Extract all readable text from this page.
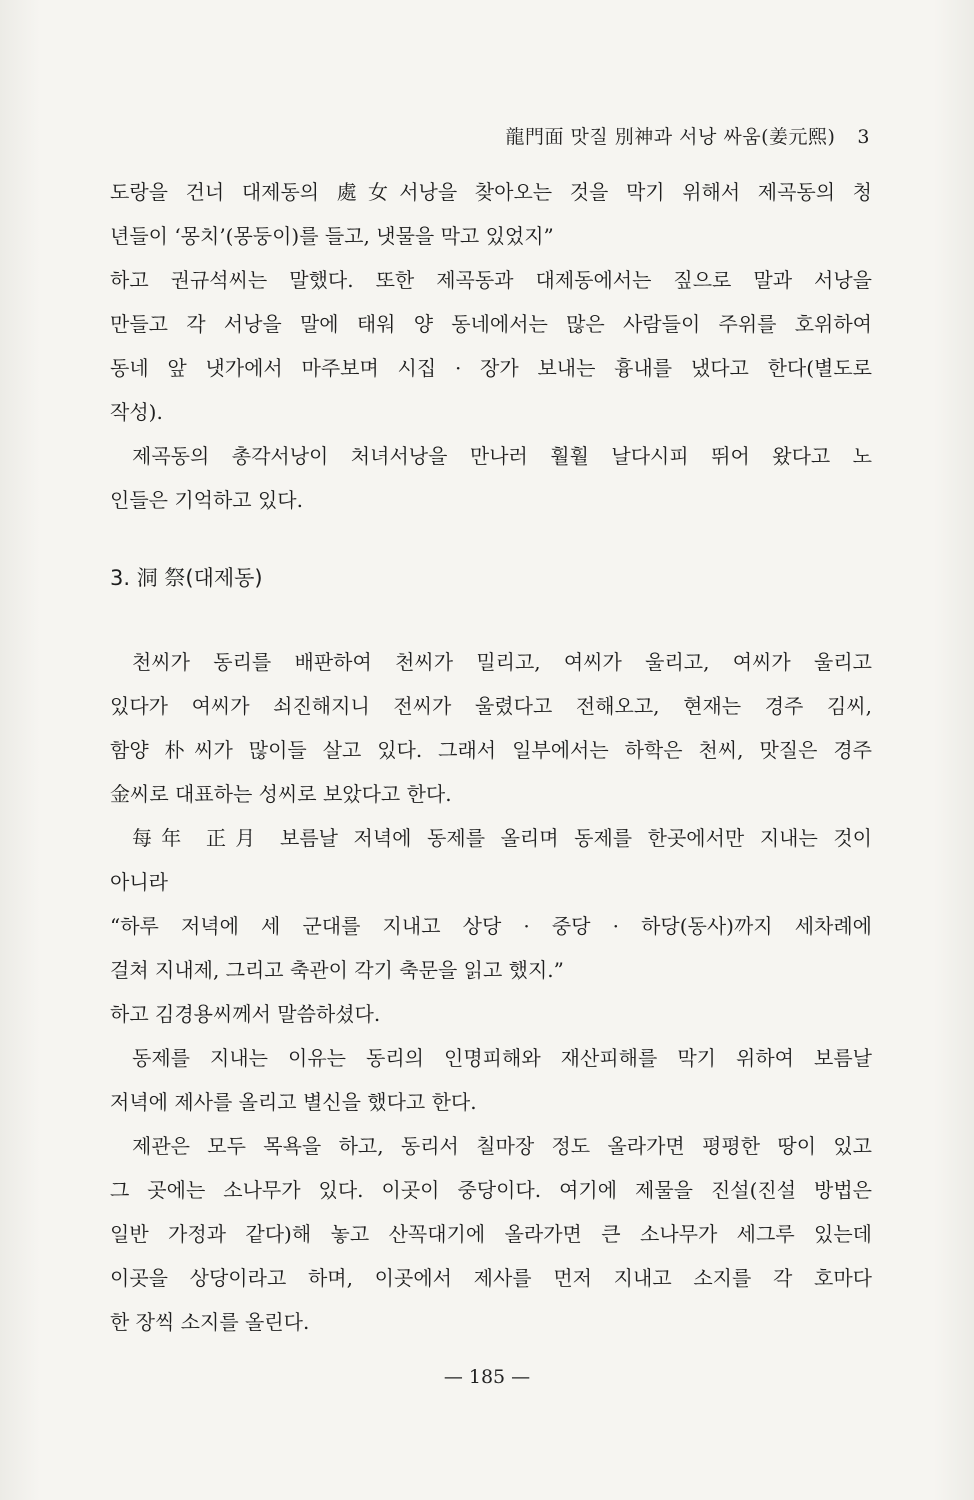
龍門面 맛질 別神과 서낭 싸움(姜元熙) 3
도랑을 건너 대제동의 處女서낭을 찾아오는 것을 막기 위해서 제곡동의 청
년들이 ‘몽치’(몽둥이)를 들고, 냇물을 막고 있었지”
하고 권규석씨는 말했다. 또한 제곡동과 대제동에서는 짚으로 말과 서낭을
만들고 각 서낭을 말에 태워 양 동네에서는 많은 사람들이 주위를 호위하여
동네 앞 냇가에서 마주보며 시집 · 장가 보내는 흉내를 냈다고 한다(별도로
작성).
제곡동의 총각서낭이 처녀서낭을 만나러 훨훨 날다시피 뛰어 왔다고 노
인들은 기억하고 있다.
3. 洞 祭(대제동)
천씨가 동리를 배판하여 천씨가 밀리고, 여씨가 울리고, 여씨가 울리고
있다가 여씨가 쇠진해지니 전씨가 울렸다고 전해오고, 현재는 경주 김씨,
함양 朴씨가 많이들 살고 있다. 그래서 일부에서는 하학은 천씨, 맛질은 경주
金씨로 대표하는 성씨로 보았다고 한다.
每年 正月 보름날 저녁에 동제를 올리며 동제를 한곳에서만 지내는 것이
아니라
“하루 저녁에 세 군대를 지내고 상당 · 중당 · 하당(동사)까지 세차례에
걸쳐 지내제, 그리고 축관이 각기 축문을 읽고 했지.”
하고 김경용씨께서 말씀하셨다.
동제를 지내는 이유는 동리의 인명피해와 재산피해를 막기 위하여 보름날
저녁에 제사를 올리고 별신을 했다고 한다.
제관은 모두 목욕을 하고, 동리서 칠마장 정도 올라가면 평평한 땅이 있고
그 곳에는 소나무가 있다. 이곳이 중당이다. 여기에 제물을 진설(진설 방법은
일반 가정과 같다)해 놓고 산꼭대기에 올라가면 큰 소나무가 세그루 있는데
이곳을 상당이라고 하며, 이곳에서 제사를 먼저 지내고 소지를 각 호마다
한 장씩 소지를 올린다.
— 185 —
